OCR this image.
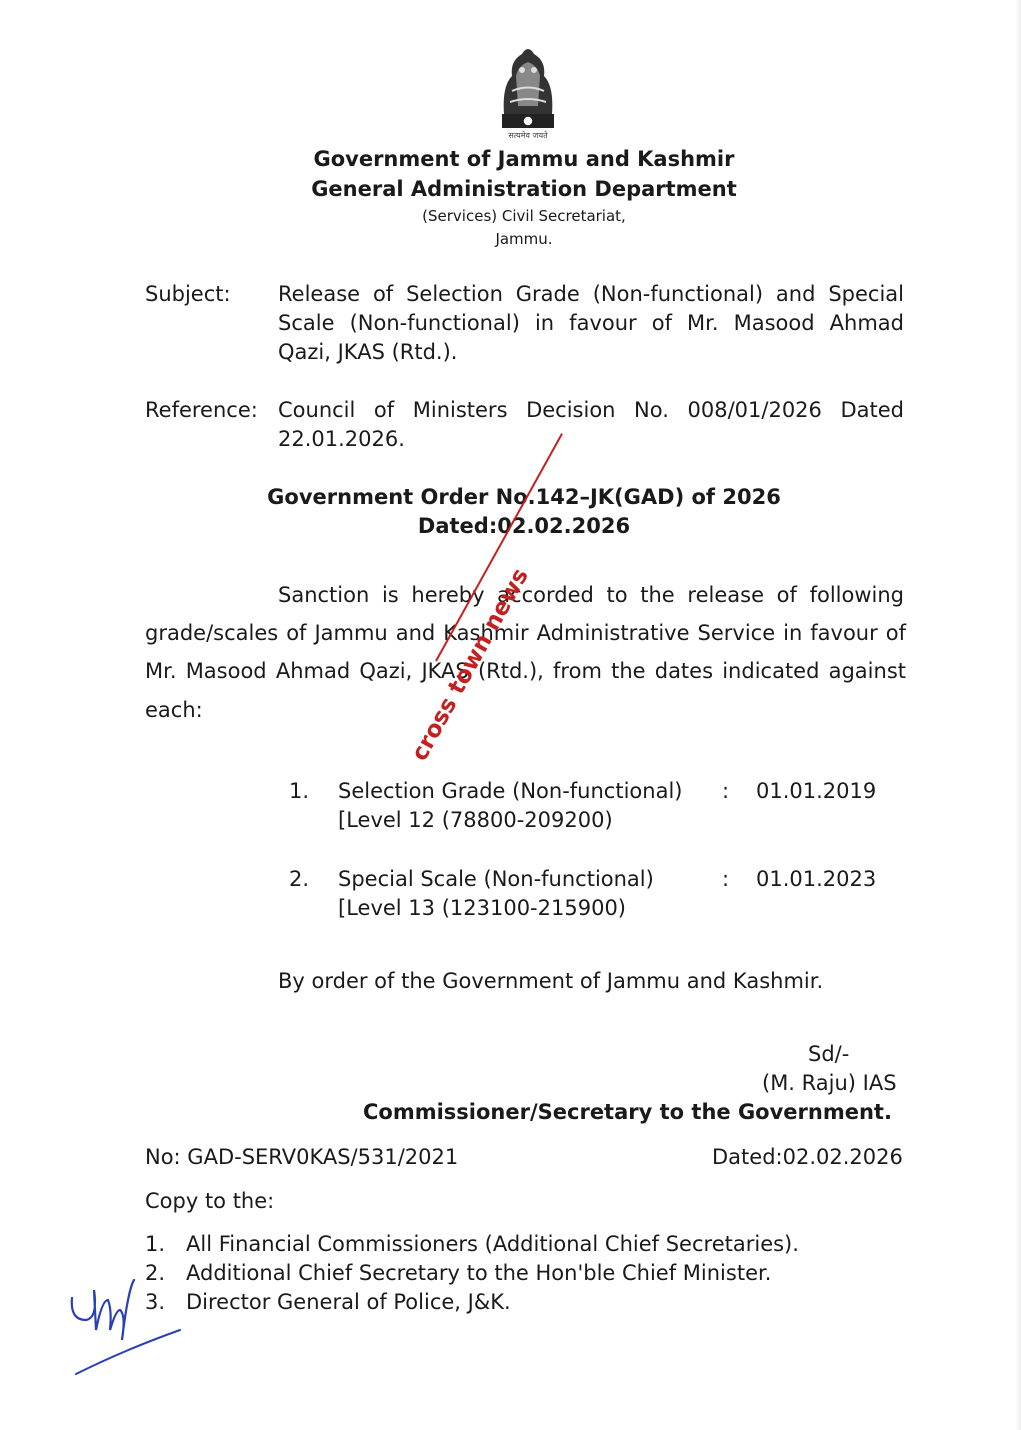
सत्यमेव जयते
Government of Jammu and Kashmir
General Administration Department
(Services) Civil Secretariat,
Jammu.
Subject: Release of Selection Grade (Non-functional) and Special
Scale (Non-functional) in favour of Mr. Masood Ahmad
Qazi, JKAS (Rtd.).
Reference: Council of Ministers Decision No. 008/01/2026 Dated
22.01.2026.
Government Order No.142–JK(GAD) of 2026
Dated:02.02.2026
Sanction is hereby accorded to the release of following
grade/scales of Jammu and Kashmir Administrative Service in favour of
Mr. Masood Ahmad Qazi, JKAS (Rtd.), from the dates indicated against
each:
1. Selection Grade (Non-functional)
[Level 12 (78800-209200)
: 01.01.2019
2. Special Scale (Non-functional)
[Level 13 (123100-215900)
: 01.01.2023
By order of the Government of Jammu and Kashmir.
Sd/-
(M. Raju) IAS
Commissioner/Secretary to the Government.
No: GAD-SERV0KAS/531/2021	Dated:02.02.2026
Copy to the:
1. All Financial Commissioners (Additional Chief Secretaries).
2. Additional Chief Secretary to the Hon'ble Chief Minister.
3. Director General of Police, J&K.
cross town news
